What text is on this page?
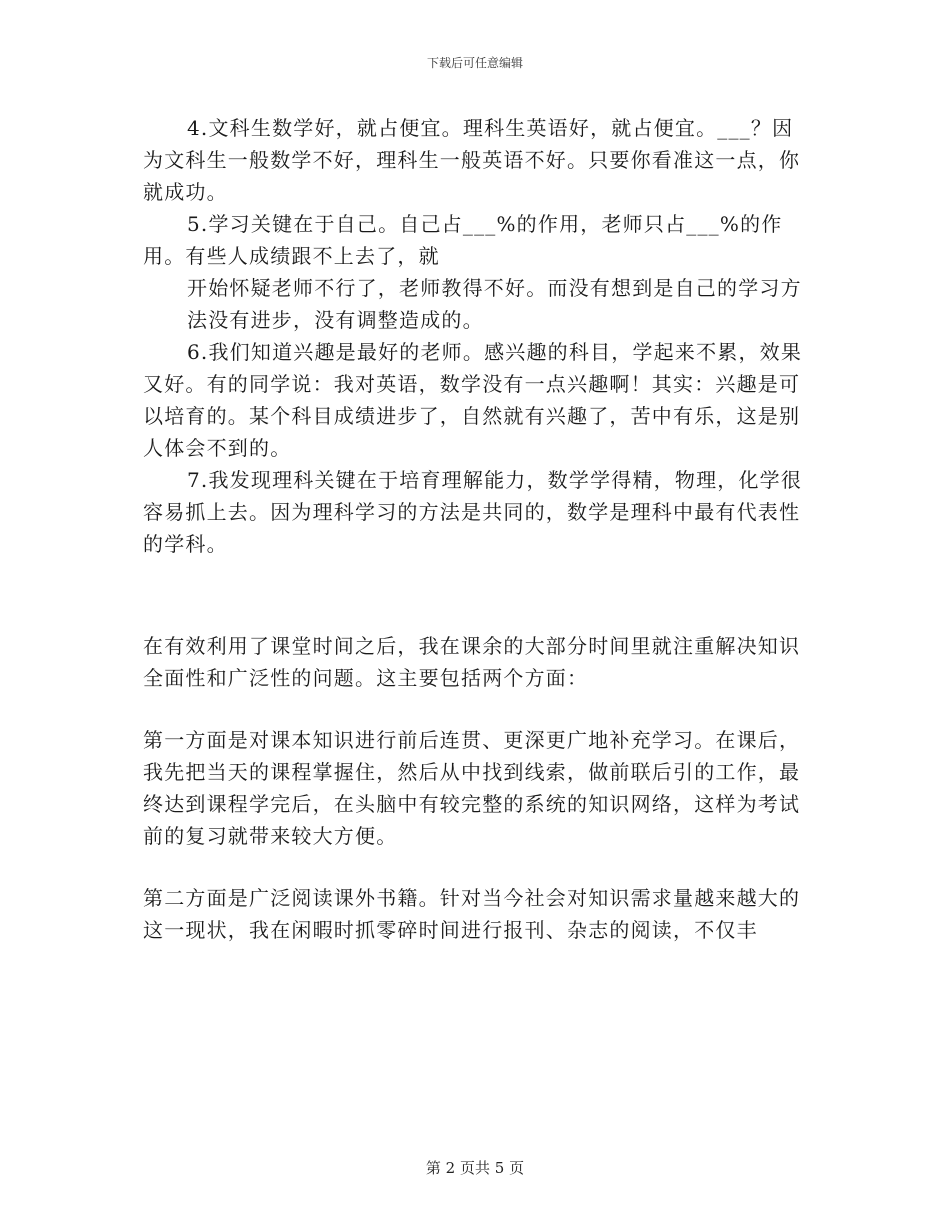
下载后可任意编辑

4.文科生数学好，就占便宜。理科生英语好，就占便宜。___？因为文科生一般数学不好，理科生一般英语不好。只要你看准这一点，你就成功。

5.学习关键在于自己。自己占___%的作用，老师只占___%的作用。有些人成绩跟不上去了，就

开始怀疑老师不行了，老师教得不好。而没有想到是自己的学习方法没有进步，没有调整造成的。

6.我们知道兴趣是最好的老师。感兴趣的科目，学起来不累，效果又好。有的同学说：我对英语，数学没有一点兴趣啊！其实：兴趣是可以培育的。某个科目成绩进步了，自然就有兴趣了，苦中有乐，这是别人体会不到的。

7.我发现理科关键在于培育理解能力，数学学得精，物理，化学很容易抓上去。因为理科学习的方法是共同的，数学是理科中最有代表性的学科。

在有效利用了课堂时间之后，我在课余的大部分时间里就注重解决知识全面性和广泛性的问题。这主要包括两个方面：

第一方面是对课本知识进行前后连贯、更深更广地补充学习。在课后，我先把当天的课程掌握住，然后从中找到线索，做前联后引的工作，最终达到课程学完后，在头脑中有较完整的系统的知识网络，这样为考试前的复习就带来较大方便。

第二方面是广泛阅读课外书籍。针对当今社会对知识需求量越来越大的这一现状，我在闲暇时抓零碎时间进行报刊、杂志的阅读，不仅丰

第 2 页共 5 页
